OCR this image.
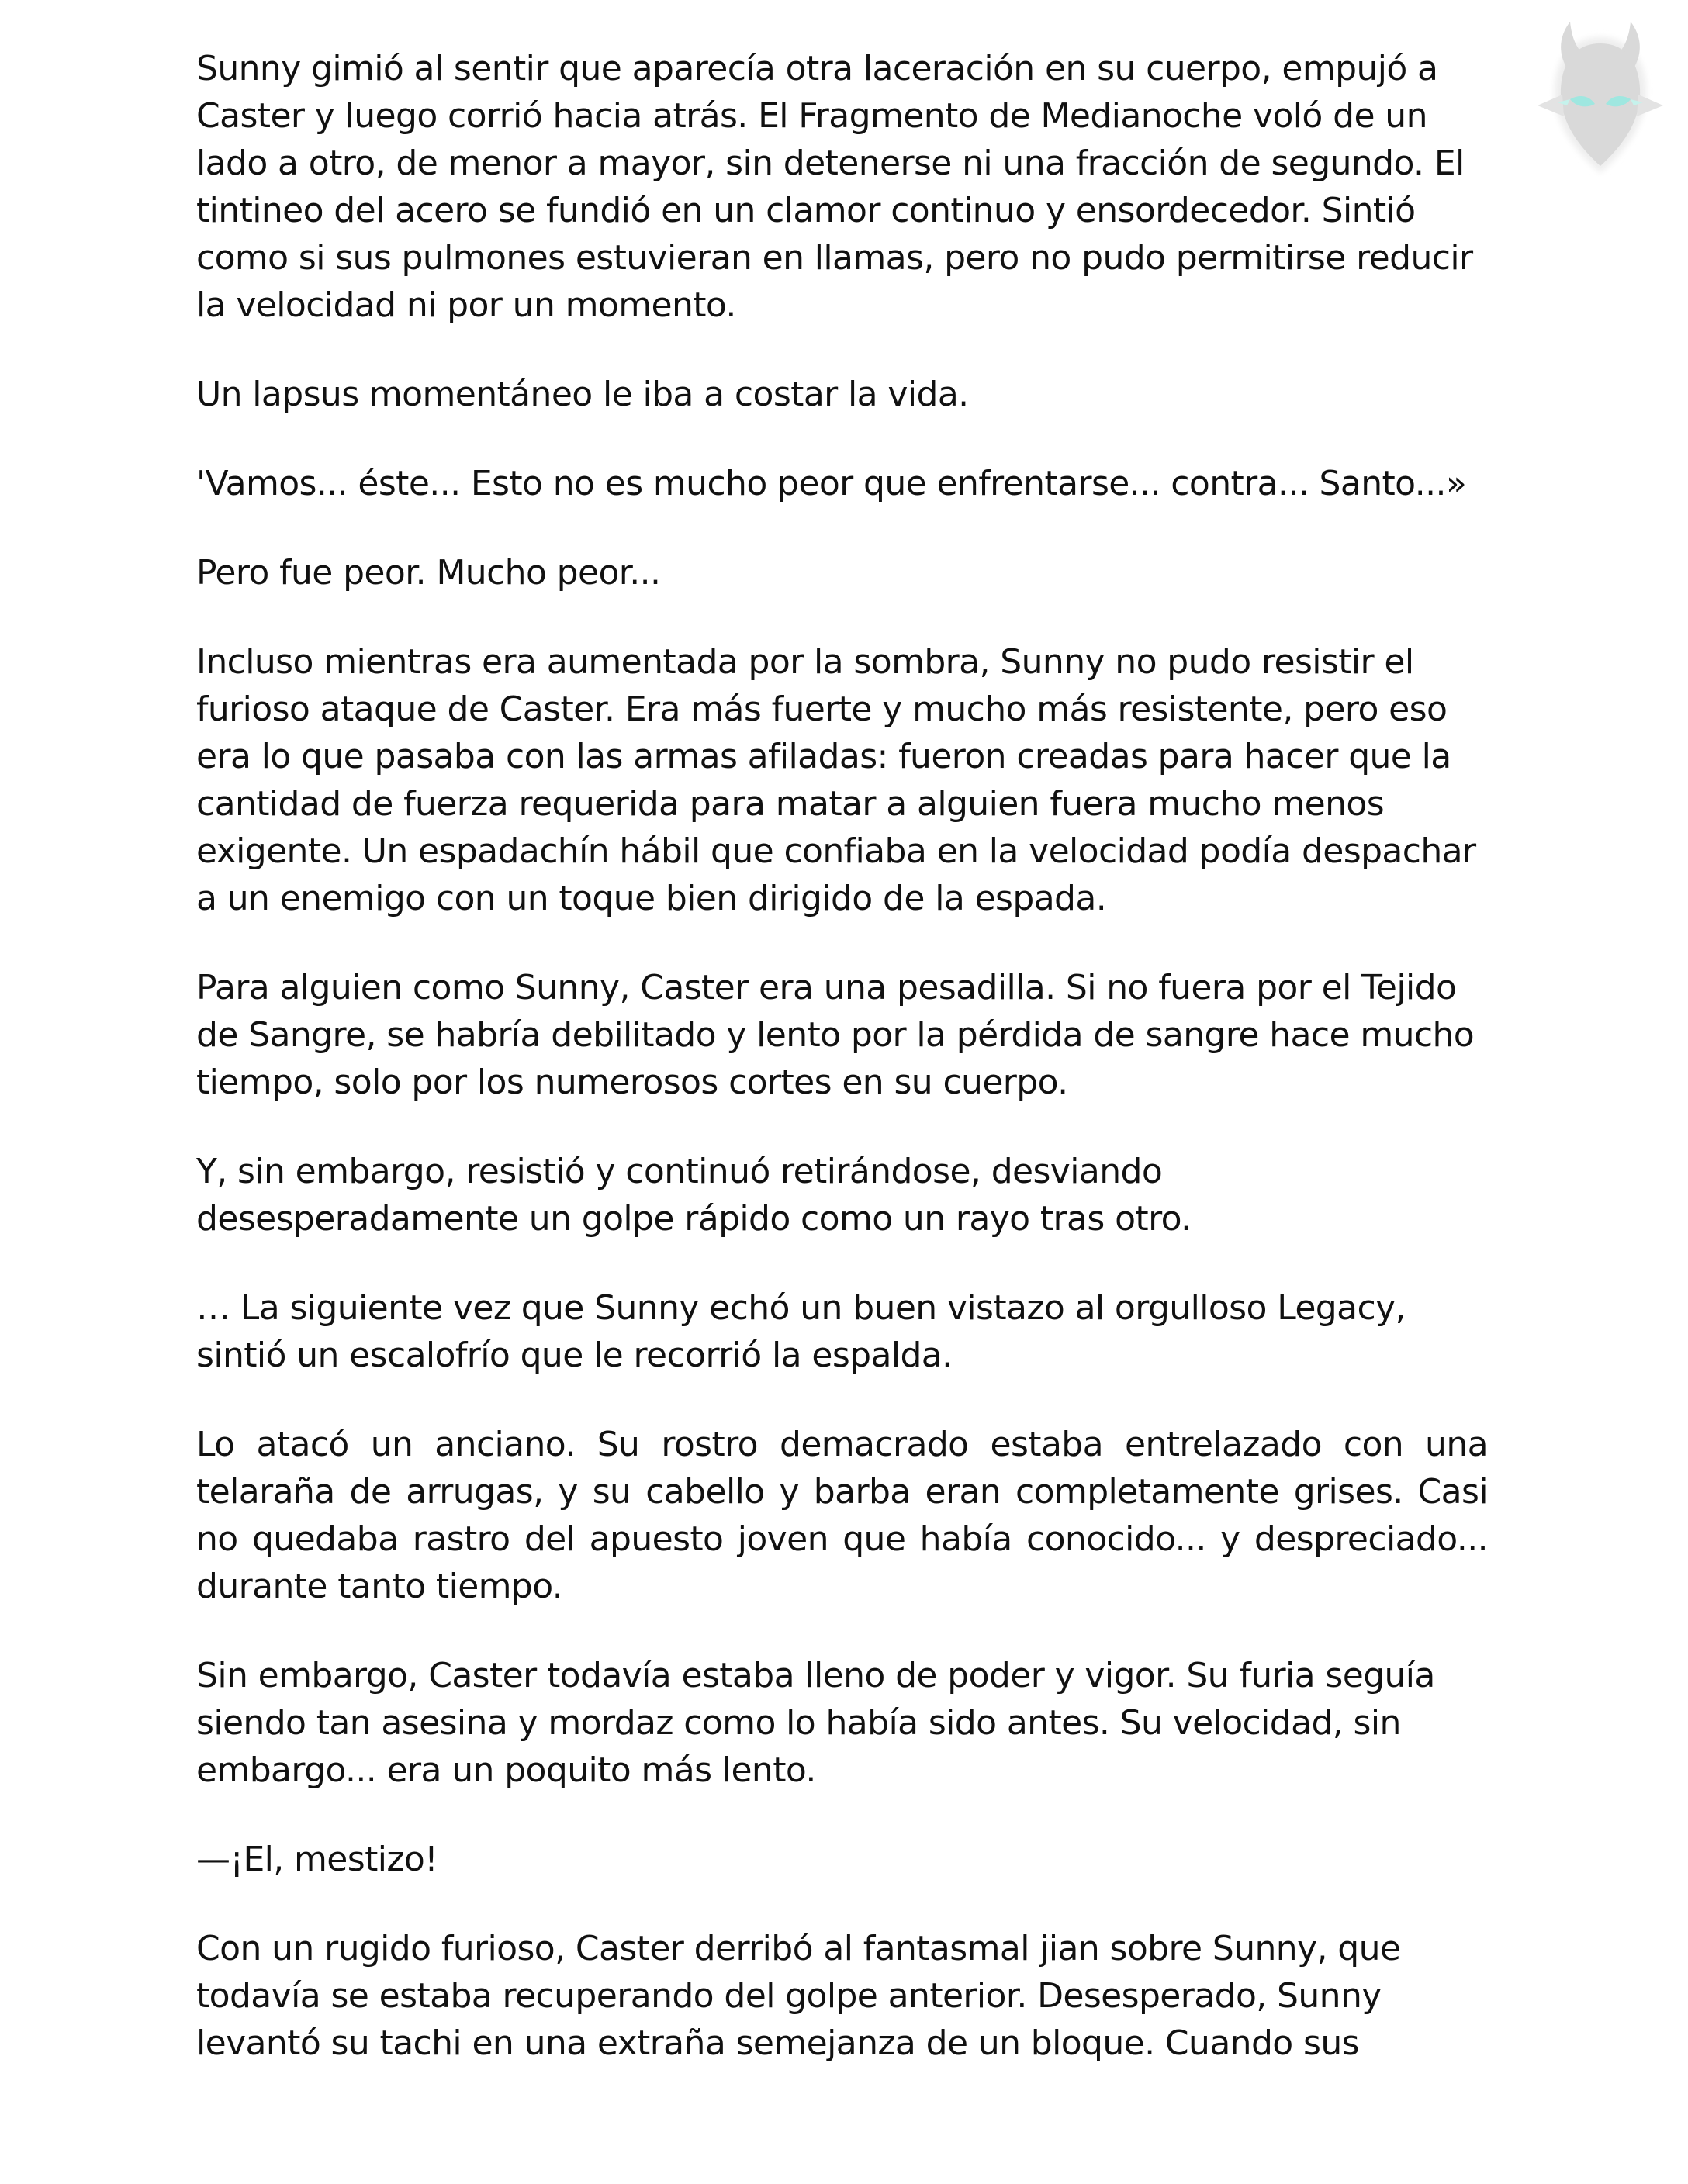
Sunny gimió al sentir que aparecía otra laceración en su cuerpo, empujó a Caster y luego corrió hacia atrás. El Fragmento de Medianoche voló de un lado a otro, de menor a mayor, sin detenerse ni una fracción de segundo. El tintineo del acero se fundió en un clamor continuo y ensordecedor. Sintió como si sus pulmones estuvieran en llamas, pero no pudo permitirse reducir la velocidad ni por un momento.

Un lapsus momentáneo le iba a costar la vida.

'Vamos... éste... Esto no es mucho peor que enfrentarse... contra... Santo...»

Pero fue peor. Mucho peor...

Incluso mientras era aumentada por la sombra, Sunny no pudo resistir el furioso ataque de Caster. Era más fuerte y mucho más resistente, pero eso era lo que pasaba con las armas afiladas: fueron creadas para hacer que la cantidad de fuerza requerida para matar a alguien fuera mucho menos exigente. Un espadachín hábil que confiaba en la velocidad podía despachar a un enemigo con un toque bien dirigido de la espada.

Para alguien como Sunny, Caster era una pesadilla. Si no fuera por el Tejido de Sangre, se habría debilitado y lento por la pérdida de sangre hace mucho tiempo, solo por los numerosos cortes en su cuerpo.

Y, sin embargo, resistió y continuó retirándose, desviando desesperadamente un golpe rápido como un rayo tras otro.

… La siguiente vez que Sunny echó un buen vistazo al orgulloso Legacy, sintió un escalofrío que le recorrió la espalda.

Lo atacó un anciano. Su rostro demacrado estaba entrelazado con una telaraña de arrugas, y su cabello y barba eran completamente grises. Casi no quedaba rastro del apuesto joven que había conocido... y despreciado... durante tanto tiempo.

Sin embargo, Caster todavía estaba lleno de poder y vigor. Su furia seguía siendo tan asesina y mordaz como lo había sido antes. Su velocidad, sin embargo... era un poquito más lento.

—¡El, mestizo!

Con un rugido furioso, Caster derribó al fantasmal jian sobre Sunny, que todavía se estaba recuperando del golpe anterior. Desesperado, Sunny levantó su tachi en una extraña semejanza de un bloque. Cuando sus
